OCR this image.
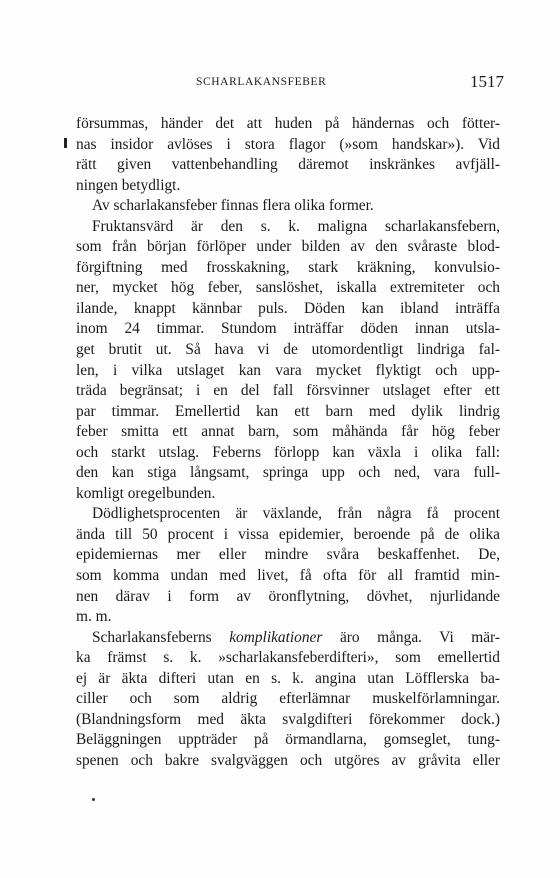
SCHARLAKANSFEBER	1517
försummas, händer det att huden på händernas och fötter-
nas insidor avlöses i stora flagor (»som handskar»). Vid
rätt given vattenbehandling däremot inskränkes avfjäll-
ningen betydligt.
Av scharlakansfeber finnas flera olika former.
Fruktansvärd är den s. k. maligna scharlakansfebern,
som från början förlöper under bilden av den svåraste blod-
förgiftning med frosskakning, stark kräkning, konvulsio-
ner, mycket hög feber, sanslöshet, iskalla extremiteter och
ilande, knappt kännbar puls. Döden kan ibland inträffa
inom 24 timmar. Stundom inträffar döden innan utsla-
get brutit ut. Så hava vi de utomordentligt lindriga fal-
len, i vilka utslaget kan vara mycket flyktigt och upp-
träda begränsat; i en del fall försvinner utslaget efter ett
par timmar. Emellertid kan ett barn med dylik lindrig
feber smitta ett annat barn, som måhända får hög feber
och starkt utslag. Feberns förlopp kan växla i olika fall:
den kan stiga långsamt, springa upp och ned, vara full-
komligt oregelbunden.
Dödlighetsprocenten är växlande, från några få procent
ända till 50 procent i vissa epidemier, beroende på de olika
epidemiernas mer eller mindre svåra beskaffenhet. De,
som komma undan med livet, få ofta för all framtid min-
nen därav i form av öronflytning, dövhet, njurlidande
m. m.
Scharlakansfeberns komplikationer äro många. Vi mär-
ka främst s. k. »scharlakansfeberdifteri», som emellertid
ej är äkta difteri utan en s. k. angina utan Löfflerska ba-
ciller och som aldrig efterlämnar muskelförlamningar.
(Blandningsform med äkta svalgdifteri förekommer dock.)
Beläggningen uppträder på örmandlarna, gomseglet, tung-
spenen och bakre svalgväggen och utgöres av gråvita eller
